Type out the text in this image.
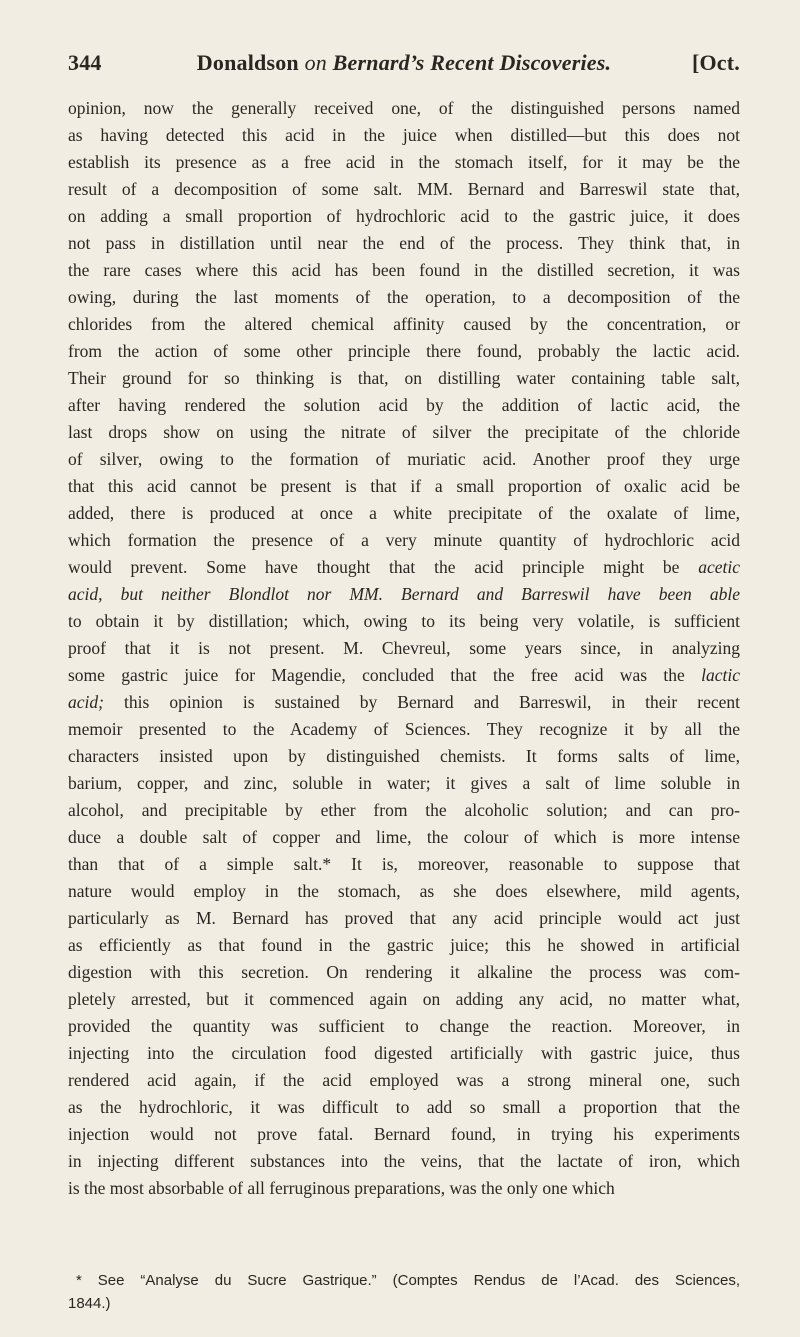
344	Donaldson on Bernard’s Recent Discoveries.	[Oct.
opinion, now the generally received one, of the distinguished persons named
as having detected this acid in the juice when distilled—but this does not
establish its presence as a free acid in the stomach itself, for it may be the
result of a decomposition of some salt. MM. Bernard and Barreswil state that,
on adding a small proportion of hydrochloric acid to the gastric juice, it does
not pass in distillation until near the end of the process. They think that, in
the rare cases where this acid has been found in the distilled secretion, it was
owing, during the last moments of the operation, to a decomposition of the
chlorides from the altered chemical affinity caused by the concentration, or
from the action of some other principle there found, probably the lactic acid.
Their ground for so thinking is that, on distilling water containing table salt,
after having rendered the solution acid by the addition of lactic acid, the
last drops show on using the nitrate of silver the precipitate of the chloride
of silver, owing to the formation of muriatic acid. Another proof they urge
that this acid cannot be present is that if a small proportion of oxalic acid be
added, there is produced at once a white precipitate of the oxalate of lime,
which formation the presence of a very minute quantity of hydrochloric acid
would prevent. Some have thought that the acid principle might be acetic
acid, but neither Blondlot nor MM. Bernard and Barreswil have been able
to obtain it by distillation; which, owing to its being very volatile, is sufficient
proof that it is not present. M. Chevreul, some years since, in analyzing
some gastric juice for Magendie, concluded that the free acid was the lactic
acid; this opinion is sustained by Bernard and Barreswil, in their recent
memoir presented to the Academy of Sciences. They recognize it by all the
characters insisted upon by distinguished chemists. It forms salts of lime,
barium, copper, and zinc, soluble in water; it gives a salt of lime soluble in
alcohol, and precipitable by ether from the alcoholic solution; and can pro-
duce a double salt of copper and lime, the colour of which is more intense
than that of a simple salt.* It is, moreover, reasonable to suppose that
nature would employ in the stomach, as she does elsewhere, mild agents,
particularly as M. Bernard has proved that any acid principle would act just
as efficiently as that found in the gastric juice; this he showed in artificial
digestion with this secretion. On rendering it alkaline the process was com-
pletely arrested, but it commenced again on adding any acid, no matter what,
provided the quantity was sufficient to change the reaction. Moreover, in
injecting into the circulation food digested artificially with gastric juice, thus
rendered acid again, if the acid employed was a strong mineral one, such
as the hydrochloric, it was difficult to add so small a proportion that the
injection would not prove fatal. Bernard found, in trying his experiments
in injecting different substances into the veins, that the lactate of iron, which
is the most absorbable of all ferruginous preparations, was the only one which
* See “Analyse du Sucre Gastrique.” (Comptes Rendus de l’Acad. des Sciences,
1844.)
